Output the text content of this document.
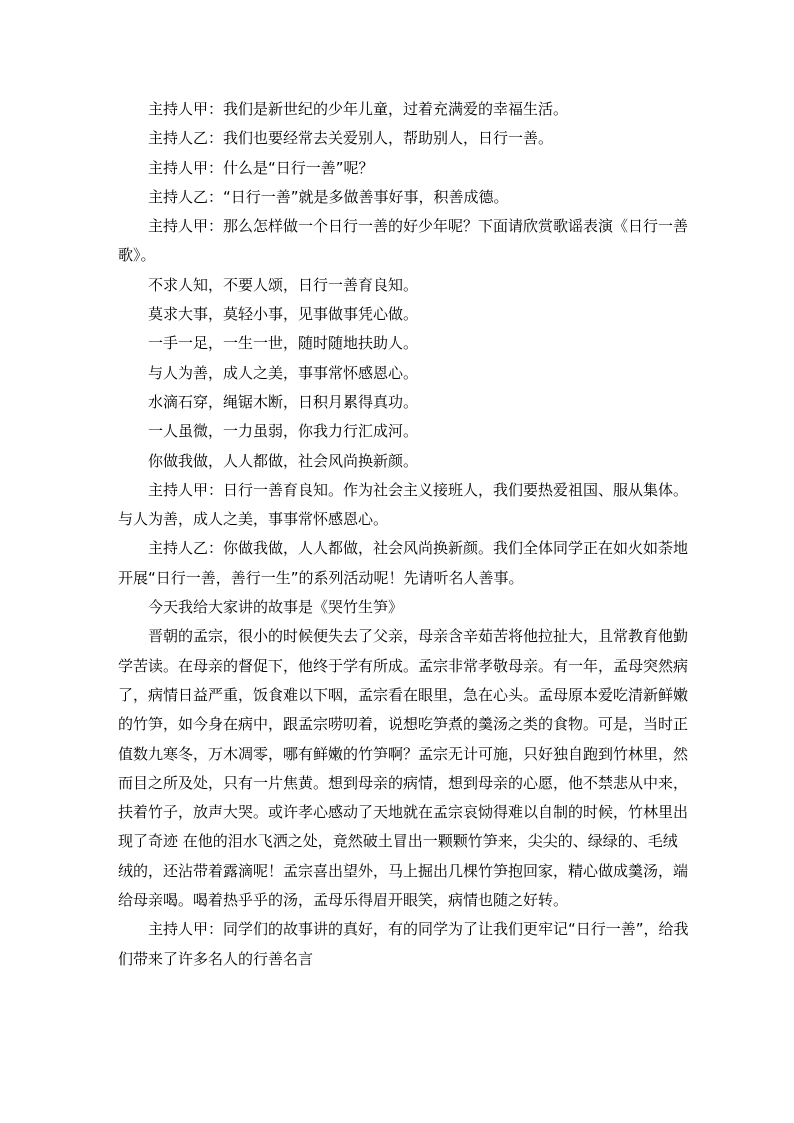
主持人甲：我们是新世纪的少年儿童，过着充满爱的幸福生活。

主持人乙：我们也要经常去关爱别人，帮助别人，日行一善。

主持人甲：什么是“日行一善”呢？

主持人乙：“日行一善”就是多做善事好事，积善成德。

主持人甲：那么怎样做一个日行一善的好少年呢？下面请欣赏歌谣表演《日行一善歌》。

不求人知，不要人颂，日行一善育良知。

莫求大事，莫轻小事，见事做事凭心做。

一手一足，一生一世，随时随地扶助人。

与人为善，成人之美，事事常怀感恩心。

水滴石穿，绳锯木断，日积月累得真功。

一人虽微，一力虽弱，你我力行汇成河。

你做我做，人人都做，社会风尚换新颜。

主持人甲：日行一善育良知。作为社会主义接班人，我们要热爱祖国、服从集体。与人为善，成人之美，事事常怀感恩心。

主持人乙：你做我做，人人都做，社会风尚换新颜。我们全体同学正在如火如荼地开展“日行一善，善行一生”的系列活动呢！先请听名人善事。

今天我给大家讲的故事是《哭竹生笋》

晋朝的孟宗，很小的时候便失去了父亲，母亲含辛茹苦将他拉扯大，且常教育他勤学苦读。在母亲的督促下，他终于学有所成。孟宗非常孝敬母亲。有一年，孟母突然病了，病情日益严重，饭食难以下咽，孟宗看在眼里，急在心头。孟母原本爱吃清新鲜嫩的竹笋，如今身在病中，跟孟宗唠叨着，说想吃笋煮的羹汤之类的食物。可是，当时正值数九寒冬，万木凋零，哪有鲜嫩的竹笋啊？孟宗无计可施，只好独自跑到竹林里，然而目之所及处，只有一片焦黄。想到母亲的病情，想到母亲的心愿，他不禁悲从中来，扶着竹子，放声大哭。或许孝心感动了天地就在孟宗哀恸得难以自制的时候，竹林里出现了奇迹 在他的泪水飞洒之处，竟然破土冒出一颗颗竹笋来，尖尖的、绿绿的、毛绒绒的，还沾带着露滴呢！孟宗喜出望外，马上掘出几棵竹笋抱回家，精心做成羹汤，端给母亲喝。喝着热乎乎的汤，孟母乐得眉开眼笑，病情也随之好转。

主持人甲：同学们的故事讲的真好，有的同学为了让我们更牢记“日行一善”，给我们带来了许多名人的行善名言
